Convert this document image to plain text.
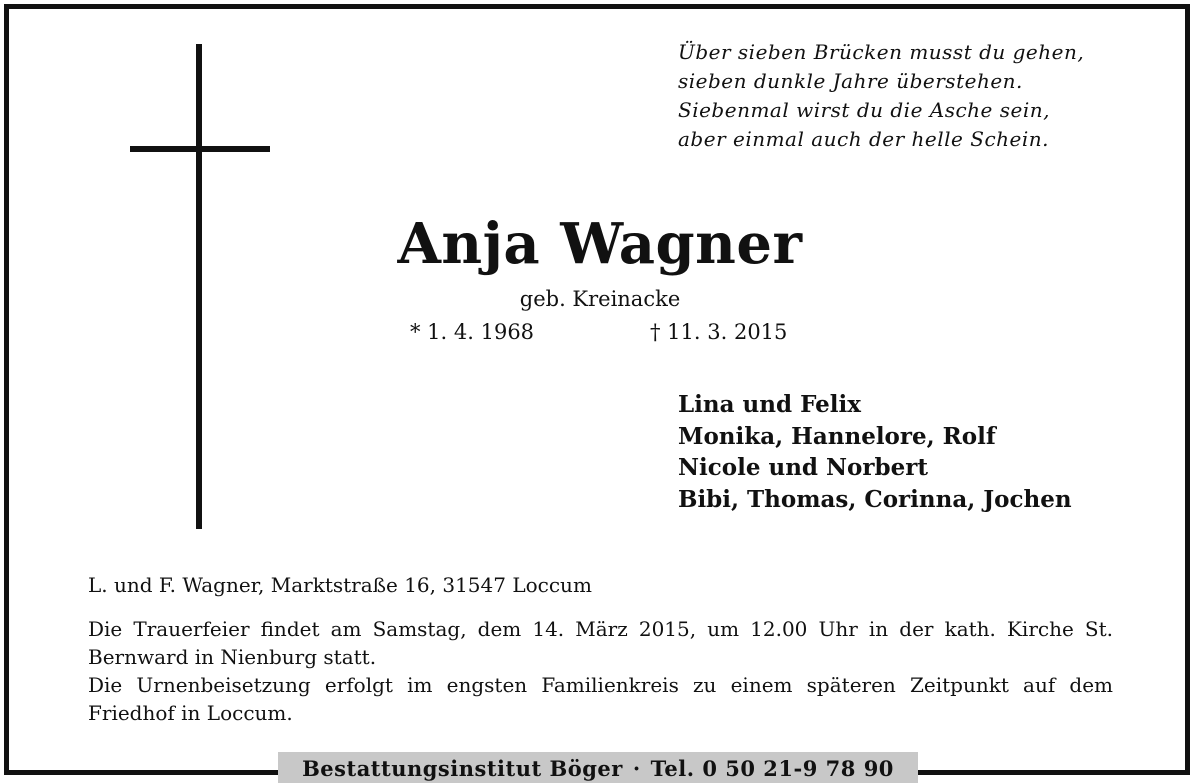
Über sieben Brücken musst du gehen,
sieben dunkle Jahre überstehen.
Siebenmal wirst du die Asche sein,
aber einmal auch der helle Schein.
Anja Wagner
geb. Kreinacke
* 1. 4. 1968	† 11. 3. 2015
Lina und Felix
Monika, Hannelore, Rolf
Nicole und Norbert
Bibi, Thomas, Corinna, Jochen
L. und F. Wagner, Marktstraße 16, 31547 Loccum

Die Trauerfeier findet am Samstag, dem 14. März 2015, um 12.00 Uhr in der kath. Kirche St. Bernward in Nienburg statt.

Die Urnenbeisetzung erfolgt im engsten Familienkreis zu einem späteren Zeitpunkt auf dem Friedhof in Loccum.

Bestattungsinstitut Böger · Tel. 0 50 21-9 78 90
